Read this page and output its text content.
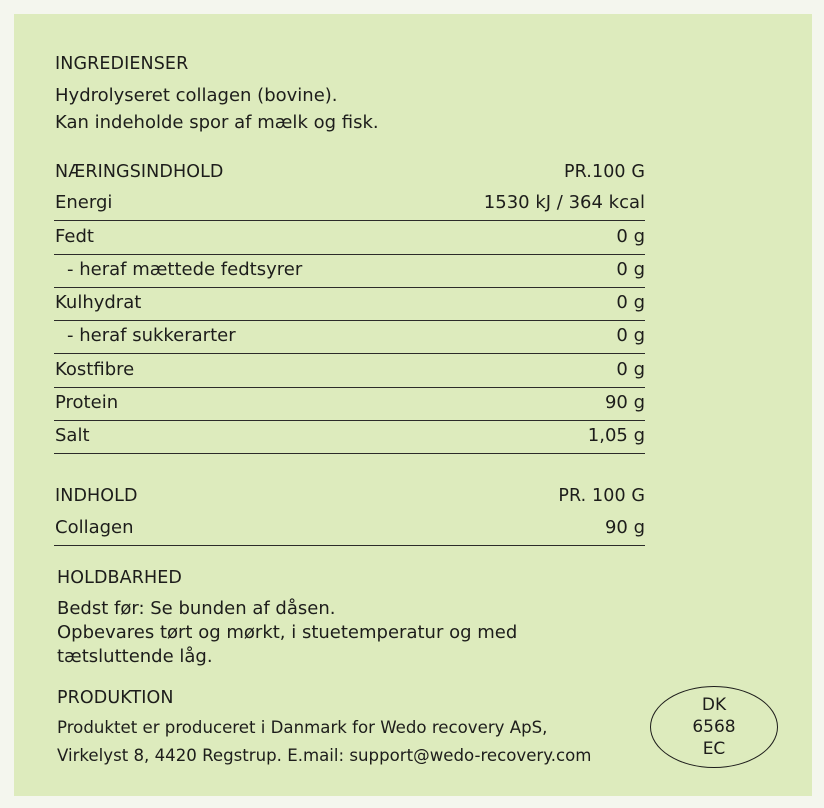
INGREDIENSER
Hydrolyseret collagen (bovine).
Kan indeholde spor af mælk og fisk.
NÆRINGSINDHOLD	PR.100 G
Energi	1530 kJ / 364 kcal
Fedt	0 g
- heraf mættede fedtsyrer	0 g
Kulhydrat	0 g
- heraf sukkerarter	0 g
Kostfibre	0 g
Protein	90 g
Salt	1,05 g
INDHOLD	PR. 100 G
Collagen	90 g
HOLDBARHED
Bedst før: Se bunden af dåsen.
Opbevares tørt og mørkt, i stuetemperatur og med
tætsluttende låg.
PRODUKTION
Produktet er produceret i Danmark for Wedo recovery ApS,
Virkelyst 8, 4420 Regstrup. E.mail: support@wedo-recovery.com
DK
6568
EC
